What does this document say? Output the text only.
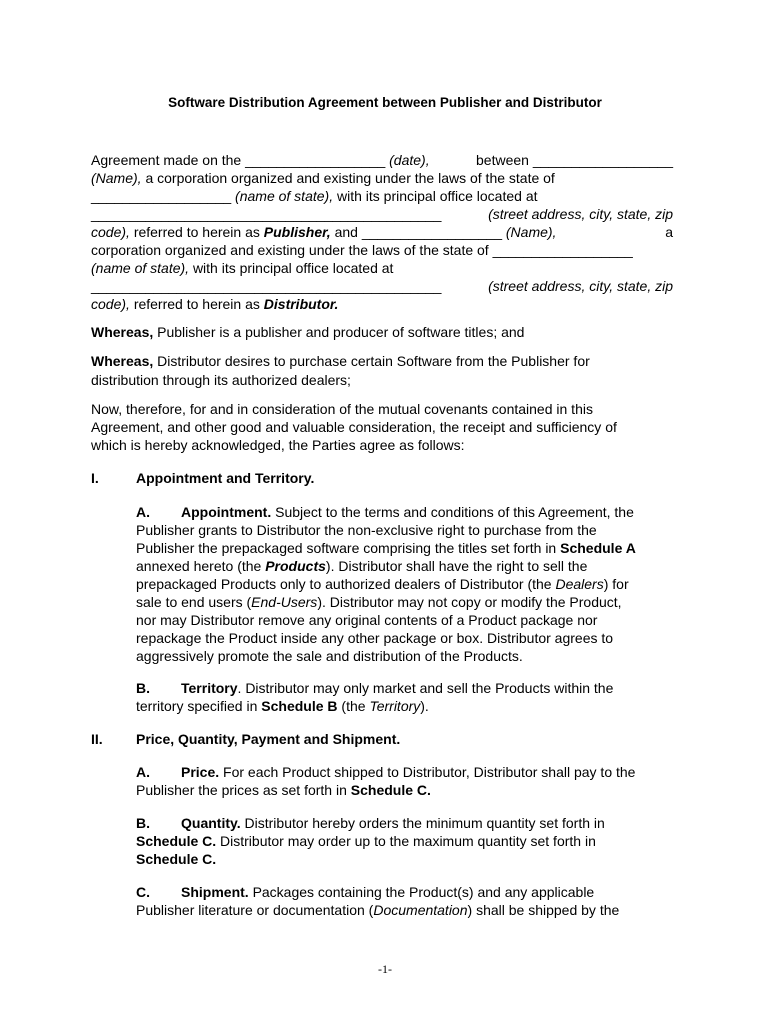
Software Distribution Agreement between Publisher and Distributor
Agreement made on the __________________ (date),	between __________________
(Name), a corporation organized and existing under the laws of the state of
__________________ (name of state), with its principal office located at
_____________________________________________	(street address, city, state, zip
code), referred to herein as Publisher, and __________________ (Name),	a
corporation organized and existing under the laws of the state of __________________
(name of state), with its principal office located at
_____________________________________________	(street address, city, state, zip
code), referred to herein as Distributor.
Whereas, Publisher is a publisher and producer of software titles; and
Whereas, Distributor desires to purchase certain Software from the Publisher for
distribution through its authorized dealers;
Now, therefore, for and in consideration of the mutual covenants contained in this
Agreement, and other good and valuable consideration, the receipt and sufficiency of
which is hereby acknowledged, the Parties agree as follows:
I.	Appointment and Territory.
A. Appointment. Subject to the terms and conditions of this Agreement, the
Publisher grants to Distributor the non-exclusive right to purchase from the
Publisher the prepackaged software comprising the titles set forth in Schedule A
annexed hereto (the Products). Distributor shall have the right to sell the
prepackaged Products only to authorized dealers of Distributor (the Dealers) for
sale to end users (End-Users). Distributor may not copy or modify the Product,
nor may Distributor remove any original contents of a Product package nor
repackage the Product inside any other package or box. Distributor agrees to
aggressively promote the sale and distribution of the Products.
B. Territory. Distributor may only market and sell the Products within the
territory specified in Schedule B (the Territory).
II. Price, Quantity, Payment and Shipment.
A. Price. For each Product shipped to Distributor, Distributor shall pay to the
Publisher the prices as set forth in Schedule C.
B. Quantity. Distributor hereby orders the minimum quantity set forth in
Schedule C. Distributor may order up to the maximum quantity set forth in
Schedule C.
C. Shipment. Packages containing the Product(s) and any applicable
Publisher literature or documentation (Documentation) shall be shipped by the
-1-
